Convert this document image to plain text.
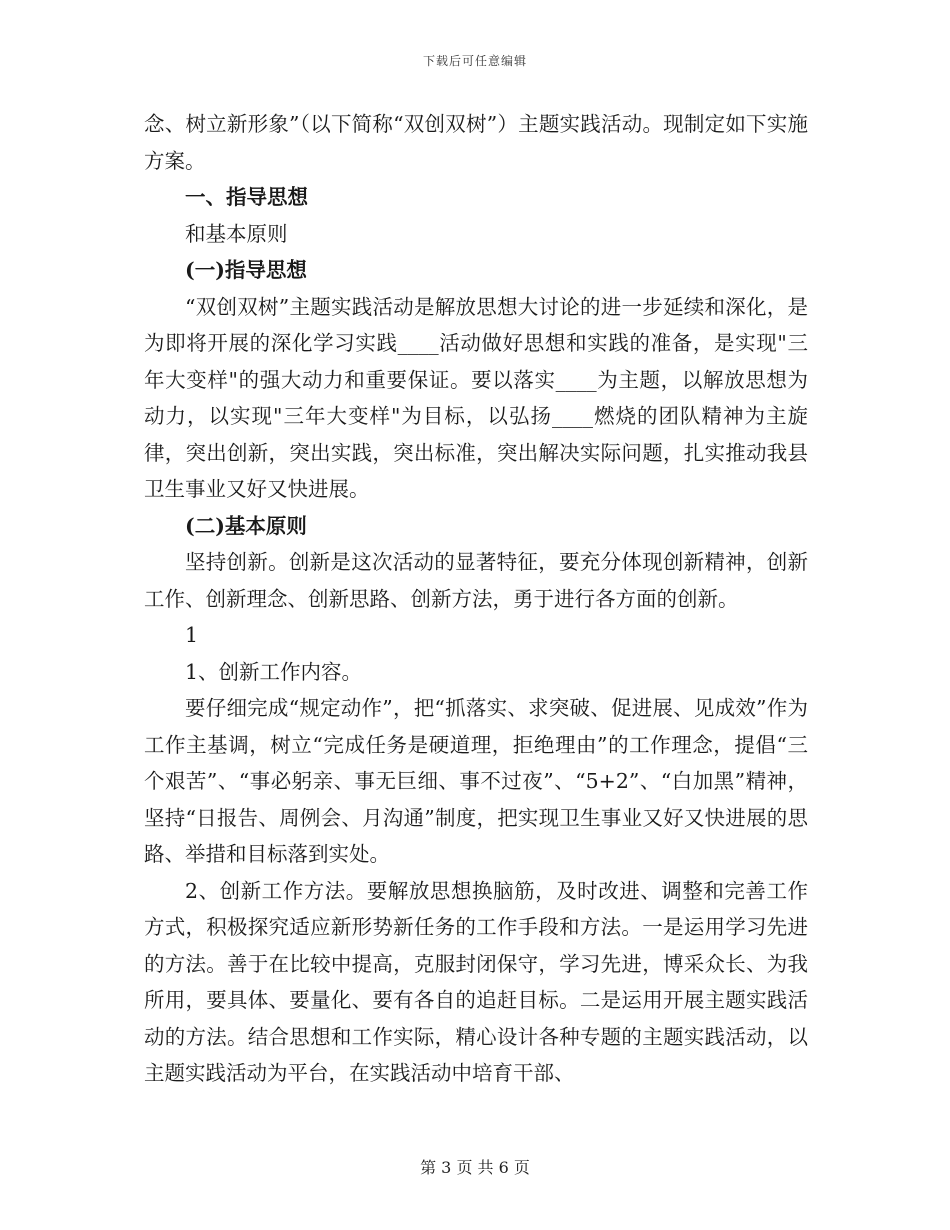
下载后可任意编辑

念、树立新形象”（以下简称“双创双树”）主题实践活动。现制定如下实施方案。

一、指导思想

和基本原则

(一)指导思想

“双创双树”主题实践活动是解放思想大讨论的进一步延续和深化，是为即将开展的深化学习实践____活动做好思想和实践的准备，是实现"三年大变样"的强大动力和重要保证。要以落实____为主题，以解放思想为动力，以实现"三年大变样"为目标，以弘扬____燃烧的团队精神为主旋律，突出创新，突出实践，突出标准，突出解决实际问题，扎实推动我县卫生事业又好又快进展。

(二)基本原则

坚持创新。创新是这次活动的显著特征，要充分体现创新精神，创新工作、创新理念、创新思路、创新方法，勇于进行各方面的创新。

1

1、创新工作内容。

要仔细完成“规定动作”，把“抓落实、求突破、促进展、见成效”作为工作主基调，树立“完成任务是硬道理，拒绝理由”的工作理念，提倡“三个艰苦”、“事必躬亲、事无巨细、事不过夜”、“5+2”、“白加黑”精神，坚持“日报告、周例会、月沟通”制度，把实现卫生事业又好又快进展的思路、举措和目标落到实处。

2、创新工作方法。要解放思想换脑筋，及时改进、调整和完善工作方式，积极探究适应新形势新任务的工作手段和方法。一是运用学习先进的方法。善于在比较中提高，克服封闭保守，学习先进，博采众长、为我所用，要具体、要量化、要有各自的追赶目标。二是运用开展主题实践活动的方法。结合思想和工作实际，精心设计各种专题的主题实践活动，以主题实践活动为平台，在实践活动中培育干部、

第 3 页 共 6 页
